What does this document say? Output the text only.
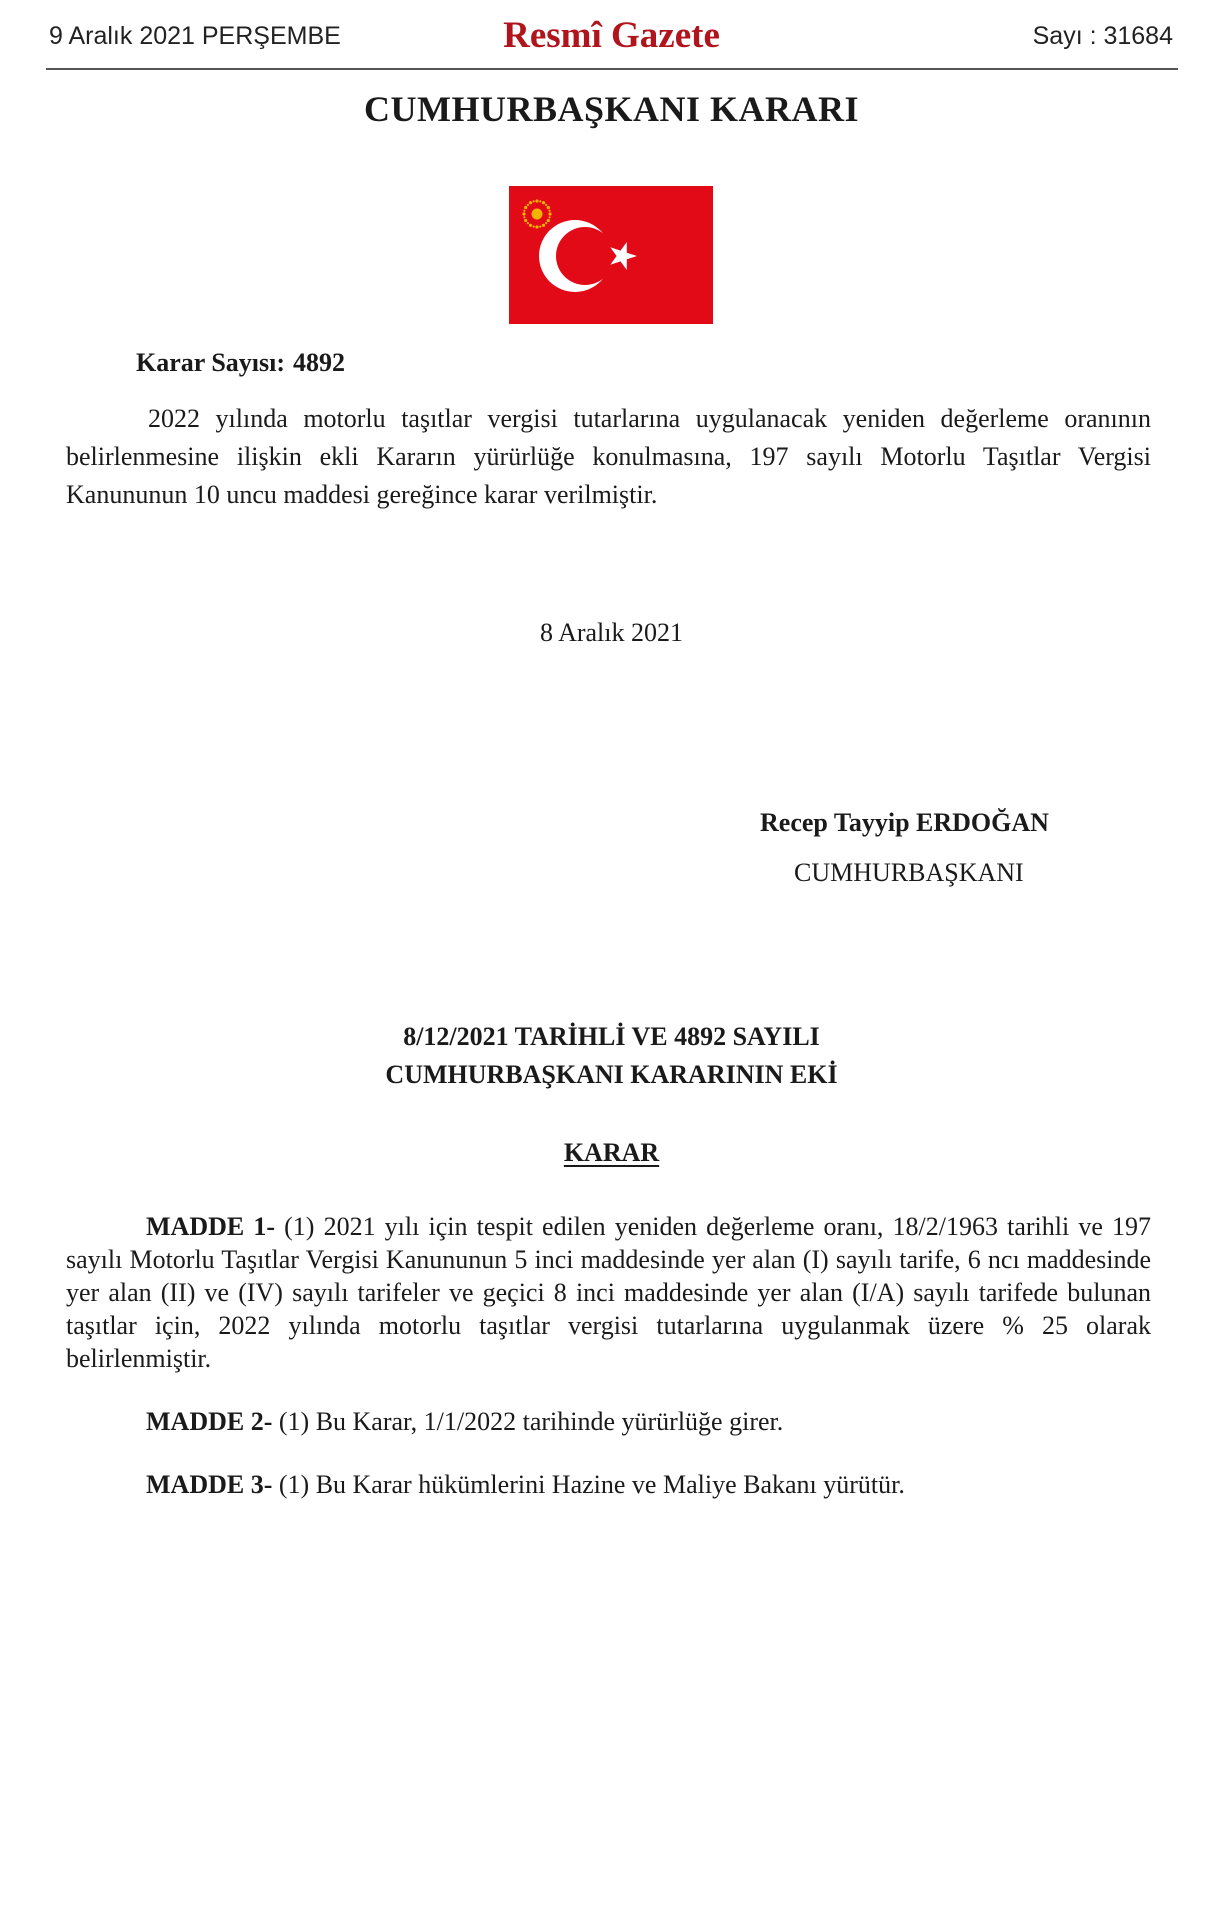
9 Aralık 2021 PERŞEMBE	Resmî Gazete	Sayı : 31684
CUMHURBAŞKANI KARARI
Karar Sayısı: 4892
2022 yılında motorlu taşıtlar vergisi tutarlarına uygulanacak yeniden değerleme oranının belirlenmesine ilişkin ekli Kararın yürürlüğe konulmasına, 197 sayılı Motorlu Taşıtlar Vergisi Kanununun 10 uncu maddesi gereğince karar verilmiştir.
8 Aralık 2021
Recep Tayyip ERDOĞAN
CUMHURBAŞKANI
8/12/2021 TARİHLİ VE 4892 SAYILI
CUMHURBAŞKANI KARARININ EKİ
KARAR
MADDE 1- (1) 2021 yılı için tespit edilen yeniden değerleme oranı, 18/2/1963 tarihli ve 197 sayılı Motorlu Taşıtlar Vergisi Kanununun 5 inci maddesinde yer alan (I) sayılı tarife, 6 ncı maddesinde yer alan (II) ve (IV) sayılı tarifeler ve geçici 8 inci maddesinde yer alan (I/A) sayılı tarifede bulunan taşıtlar için, 2022 yılında motorlu taşıtlar vergisi tutarlarına uygulanmak üzere % 25 olarak belirlenmiştir.
MADDE 2- (1) Bu Karar, 1/1/2022 tarihinde yürürlüğe girer.
MADDE 3- (1) Bu Karar hükümlerini Hazine ve Maliye Bakanı yürütür.
